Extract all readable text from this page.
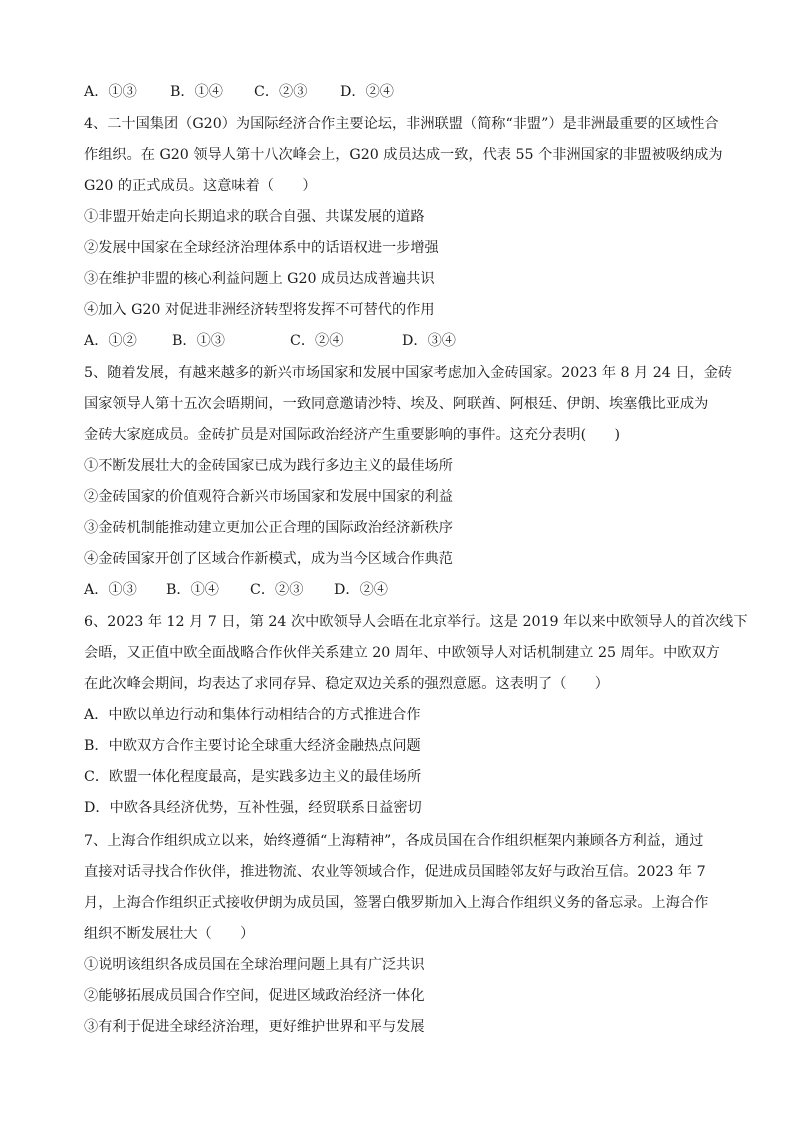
A．①③ B．①④ C．②③ D．②④
4、二十国集团（G20）为国际经济合作主要论坛，非洲联盟（简称“非盟”）是非洲最重要的区域性合
作组织。在 G20 领导人第十八次峰会上，G20 成员达成一致，代表 55 个非洲国家的非盟被吸纳成为
G20 的正式成员。这意味着（　　）
①非盟开始走向长期追求的联合自强、共谋发展的道路
②发展中国家在全球经济治理体系中的话语权进一步增强
③在维护非盟的核心利益问题上 G20 成员达成普遍共识
④加入 G20 对促进非洲经济转型将发挥不可替代的作用
A．①② B．①③	C．②④	D．③④
5、随着发展，有越来越多的新兴市场国家和发展中国家考虑加入金砖国家。2023 年 8 月 24 日，金砖
国家领导人第十五次会晤期间，一致同意邀请沙特、埃及、阿联酋、阿根廷、伊朗、埃塞俄比亚成为
金砖大家庭成员。金砖扩员是对国际政治经济产生重要影响的事件。这充分表明(　　)
①不断发展壮大的金砖国家已成为践行多边主义的最佳场所
②金砖国家的价值观符合新兴市场国家和发展中国家的利益
③金砖机制能推动建立更加公正合理的国际政治经济新秩序
④金砖国家开创了区域合作新模式，成为当今区域合作典范
A．①③ B．①④ C．②③ D．②④
6、2023 年 12 月 7 日，第 24 次中欧领导人会晤在北京举行。这是 2019 年以来中欧领导人的首次线下
会晤，又正值中欧全面战略合作伙伴关系建立 20 周年、中欧领导人对话机制建立 25 周年。中欧双方
在此次峰会期间，均表达了求同存异、稳定双边关系的强烈意愿。这表明了（　　）
A．中欧以单边行动和集体行动相结合的方式推进合作
B．中欧双方合作主要讨论全球重大经济金融热点问题
C．欧盟一体化程度最高，是实践多边主义的最佳场所
D．中欧各具经济优势，互补性强，经贸联系日益密切
7、上海合作组织成立以来，始终遵循“上海精神”，各成员国在合作组织框架内兼顾各方利益，通过
直接对话寻找合作伙伴，推进物流、农业等领域合作，促进成员国睦邻友好与政治互信。2023 年 7
月，上海合作组织正式接收伊朗为成员国，签署白俄罗斯加入上海合作组织义务的备忘录。上海合作
组织不断发展壮大（　　）
①说明该组织各成员国在全球治理问题上具有广泛共识
②能够拓展成员国合作空间，促进区域政治经济一体化
③有利于促进全球经济治理，更好维护世界和平与发展
